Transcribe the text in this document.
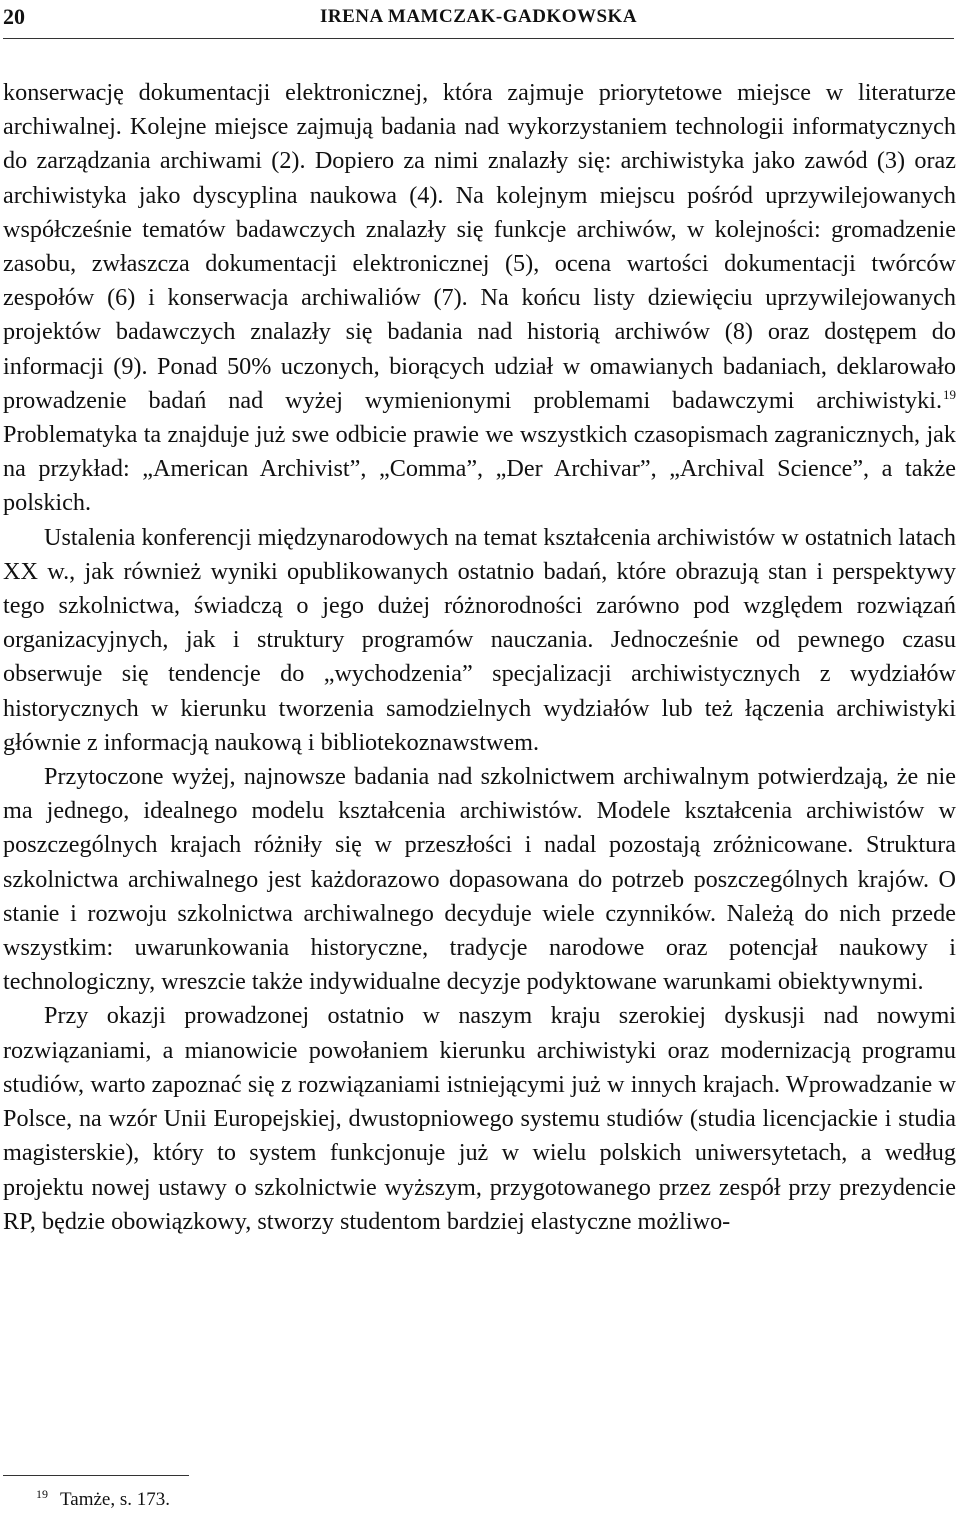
20	IRENA MAMCZAK-GADKOWSKA

konserwację dokumentacji elektronicznej, która zajmuje priorytetowe miejsce w literaturze archiwalnej. Kolejne miejsce zajmują badania nad wykorzystaniem technologii informatycznych do zarządzania archiwami (2). Dopiero za nimi znalazły się: archiwistyka jako zawód (3) oraz archiwistyka jako dyscyplina naukowa (4). Na kolejnym miejscu pośród uprzywilejowanych współcześnie tematów badawczych znalazły się funkcje archiwów, w kolejności: gromadzenie zasobu, zwłaszcza dokumentacji elektronicznej (5), ocena wartości dokumentacji twórców zespołów (6) i konserwacja archiwaliów (7). Na końcu listy dziewięciu uprzywilejowanych projektów badawczych znalazły się badania nad historią archiwów (8) oraz dostępem do informacji (9). Ponad 50% uczonych, biorących udział w omawianych badaniach, deklarowało prowadzenie badań nad wyżej wymienionymi problemami badawczymi archiwistyki.$^{19}$ Problematyka ta znajduje już swe odbicie prawie we wszystkich czasopismach zagranicznych, jak na przykład: „American Archivist”, „Comma”, „Der Archivar”, „Archival Science”, a także polskich.

Ustalenia konferencji międzynarodowych na temat kształcenia archiwistów w ostatnich latach XX w., jak również wyniki opublikowanych ostatnio badań, które obrazują stan i perspektywy tego szkolnictwa, świadczą o jego dużej różnorodności zarówno pod względem rozwiązań organizacyjnych, jak i struktury programów nauczania. Jednocześnie od pewnego czasu obserwuje się tendencje do „wychodzenia” specjalizacji archiwistycznych z wydziałów historycznych w kierunku tworzenia samodzielnych wydziałów lub też łączenia archiwistyki głównie z informacją naukową i bibliotekoznawstwem.

Przytoczone wyżej, najnowsze badania nad szkolnictwem archiwalnym potwierdzają, że nie ma jednego, idealnego modelu kształcenia archiwistów. Modele kształcenia archiwistów w poszczególnych krajach różniły się w przeszłości i nadal pozostają zróżnicowane. Struktura szkolnictwa archiwalnego jest każdorazowo dopasowana do potrzeb poszczególnych krajów. O stanie i rozwoju szkolnictwa archiwalnego decyduje wiele czynników. Należą do nich przede wszystkim: uwarunkowania historyczne, tradycje narodowe oraz potencjał naukowy i technologiczny, wreszcie także indywidualne decyzje podyktowane warunkami obiektywnymi.

Przy okazji prowadzonej ostatnio w naszym kraju szerokiej dyskusji nad nowymi rozwiązaniami, a mianowicie powołaniem kierunku archiwistyki oraz modernizacją programu studiów, warto zapoznać się z rozwiązaniami istniejącymi już w innych krajach. Wprowadzanie w Polsce, na wzór Unii Europejskiej, dwustopniowego systemu studiów (studia licencjackie i studia magisterskie), który to system funkcjonuje już w wielu polskich uniwersytetach, a według projektu nowej ustawy o szkolnictwie wyższym, przygotowanego przez zespół przy prezydencie RP, będzie obowiązkowy, stworzy studentom bardziej elastyczne możliwo-

$^{19}$ Tamże, s. 173.
